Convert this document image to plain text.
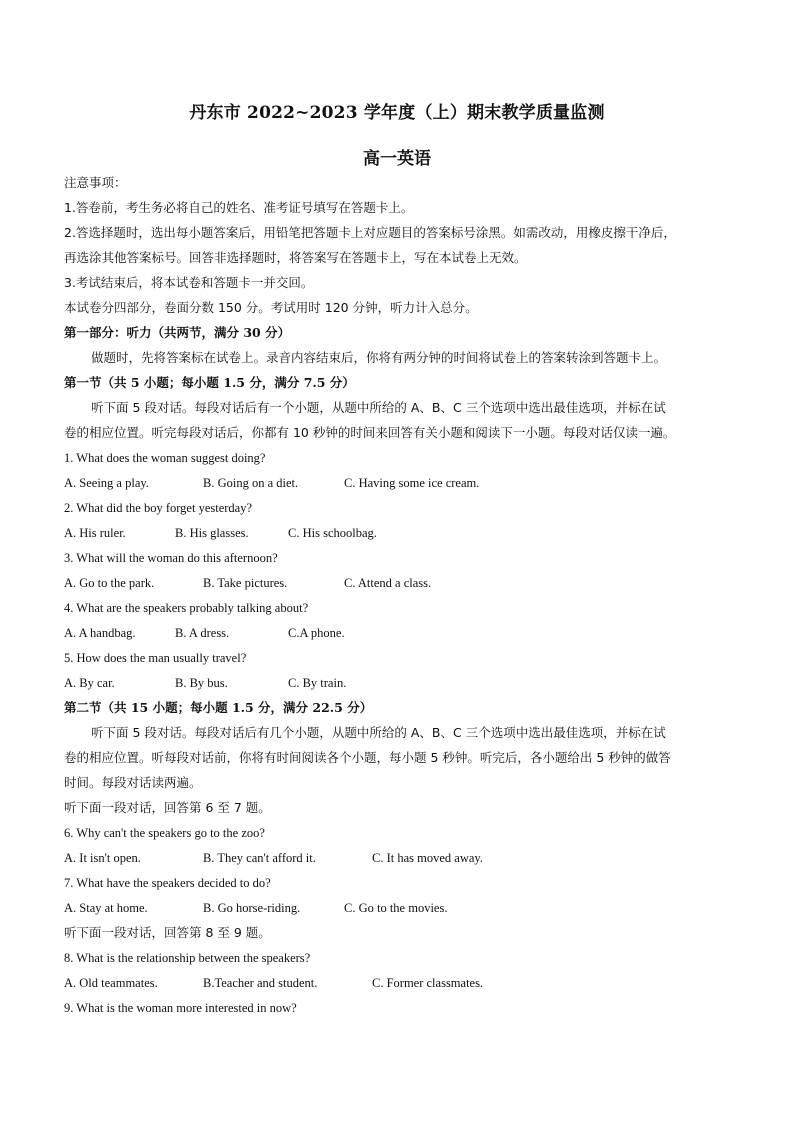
丹东市 2022~2023 学年度（上）期末教学质量监测
高一英语
注意事项：
1.答卷前，考生务必将自己的姓名、准考证号填写在答题卡上。
2.答选择题时，选出每小题答案后，用铅笔把答题卡上对应题目的答案标号涂黑。如需改动，用橡皮擦干净后，
再选涂其他答案标号。回答非选择题时，将答案写在答题卡上，写在本试卷上无效。
3.考试结束后，将本试卷和答题卡一并交回。
本试卷分四部分，卷面分数 150 分。考试用时 120 分钟，听力计入总分。
第一部分：听力（共两节，满分 30 分）
做题时，先将答案标在试卷上。录音内容结束后，你将有两分钟的时间将试卷上的答案转涂到答题卡上。
第一节（共 5 小题；每小题 1.5 分，满分 7.5 分）
听下面 5 段对话。每段对话后有一个小题，从题中所给的 A、B、C 三个选项中选出最佳选项，并标在试
卷的相应位置。听完每段对话后，你都有 10 秒钟的时间来回答有关小题和阅读下一小题。每段对话仅读一遍。
1. What does the woman suggest doing?
A. Seeing a play.	B. Going on a diet.	C. Having some ice cream.
2. What did the boy forget yesterday?
A. His ruler.	B. His glasses.	C. His schoolbag.
3. What will the woman do this afternoon?
A. Go to the park.	B. Take pictures.	C. Attend a class.
4. What are the speakers probably talking about?
A. A handbag.	B. A dress.	C.A phone.
5. How does the man usually travel?
A. By car.	B. By bus.	C. By train.
第二节（共 15 小题；每小题 1.5 分，满分 22.5 分）
听下面 5 段对话。每段对话后有几个小题，从题中所给的 A、B、C 三个选项中选出最佳选项，并标在试
卷的相应位置。听每段对话前，你将有时间阅读各个小题，每小题 5 秒钟。听完后，各小题给出 5 秒钟的做答
时间。每段对话读两遍。
听下面一段对话，回答第 6 至 7 题。
6. Why can't the speakers go to the zoo?
A. It isn't open.	B. They can't afford it.	C. It has moved away.
7. What have the speakers decided to do?
A. Stay at home.	B. Go horse-riding.	C. Go to the movies.
听下面一段对话，回答第 8 至 9 题。
8. What is the relationship between the speakers?
A. Old teammates.	B.Teacher and student.	C. Former classmates.
9. What is the woman more interested in now?
